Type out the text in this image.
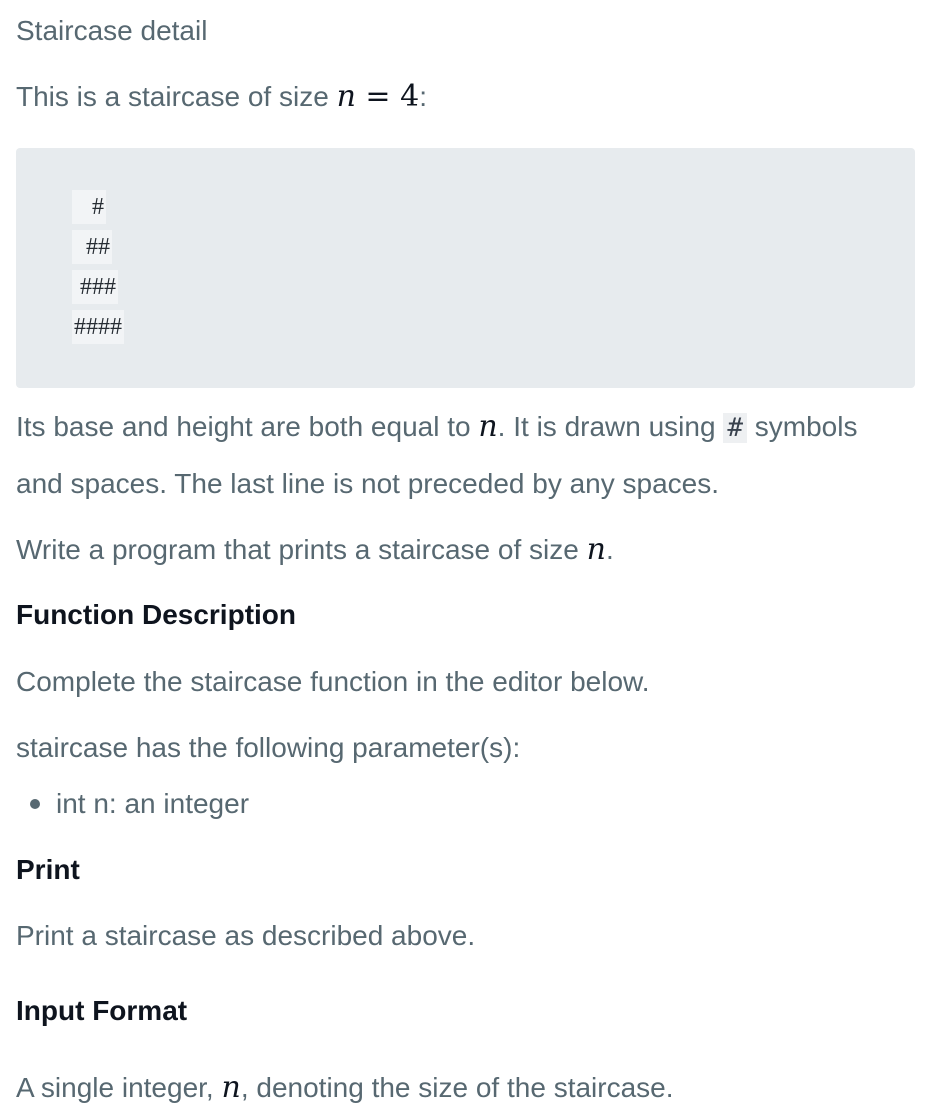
Staircase detail
This is a staircase of size n = 4:
#
##
###
####
Its base and height are both equal to n. It is drawn using # symbols
and spaces. The last line is not preceded by any spaces.
Write a program that prints a staircase of size n.
Function Description
Complete the staircase function in the editor below.
staircase has the following parameter(s):
int n: an integer
Print
Print a staircase as described above.
Input Format
A single integer, n, denoting the size of the staircase.
